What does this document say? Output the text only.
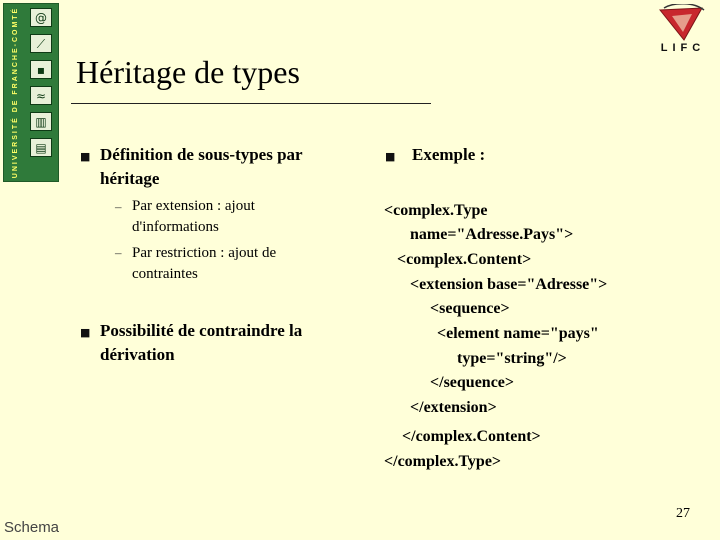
UNIVERSITÉ DE FRANCHE-COMTÉ	@
⟋
▪
≈
▥
▤
Héritage de types
LIFC
■ Définition de sous-types par héritage
– Par extension : ajout d'informations
– Par restriction : ajout de contraintes
■ Possibilité de contraindre la dérivation
■ Exemple :
<complex.Type
name="Adresse.Pays">
<complex.Content>
<extension base="Adresse">
<sequence>
<element name="pays"
type="string"/>
</sequence>
</extension>
</complex.Content>
</complex.Type>
Schema
27
